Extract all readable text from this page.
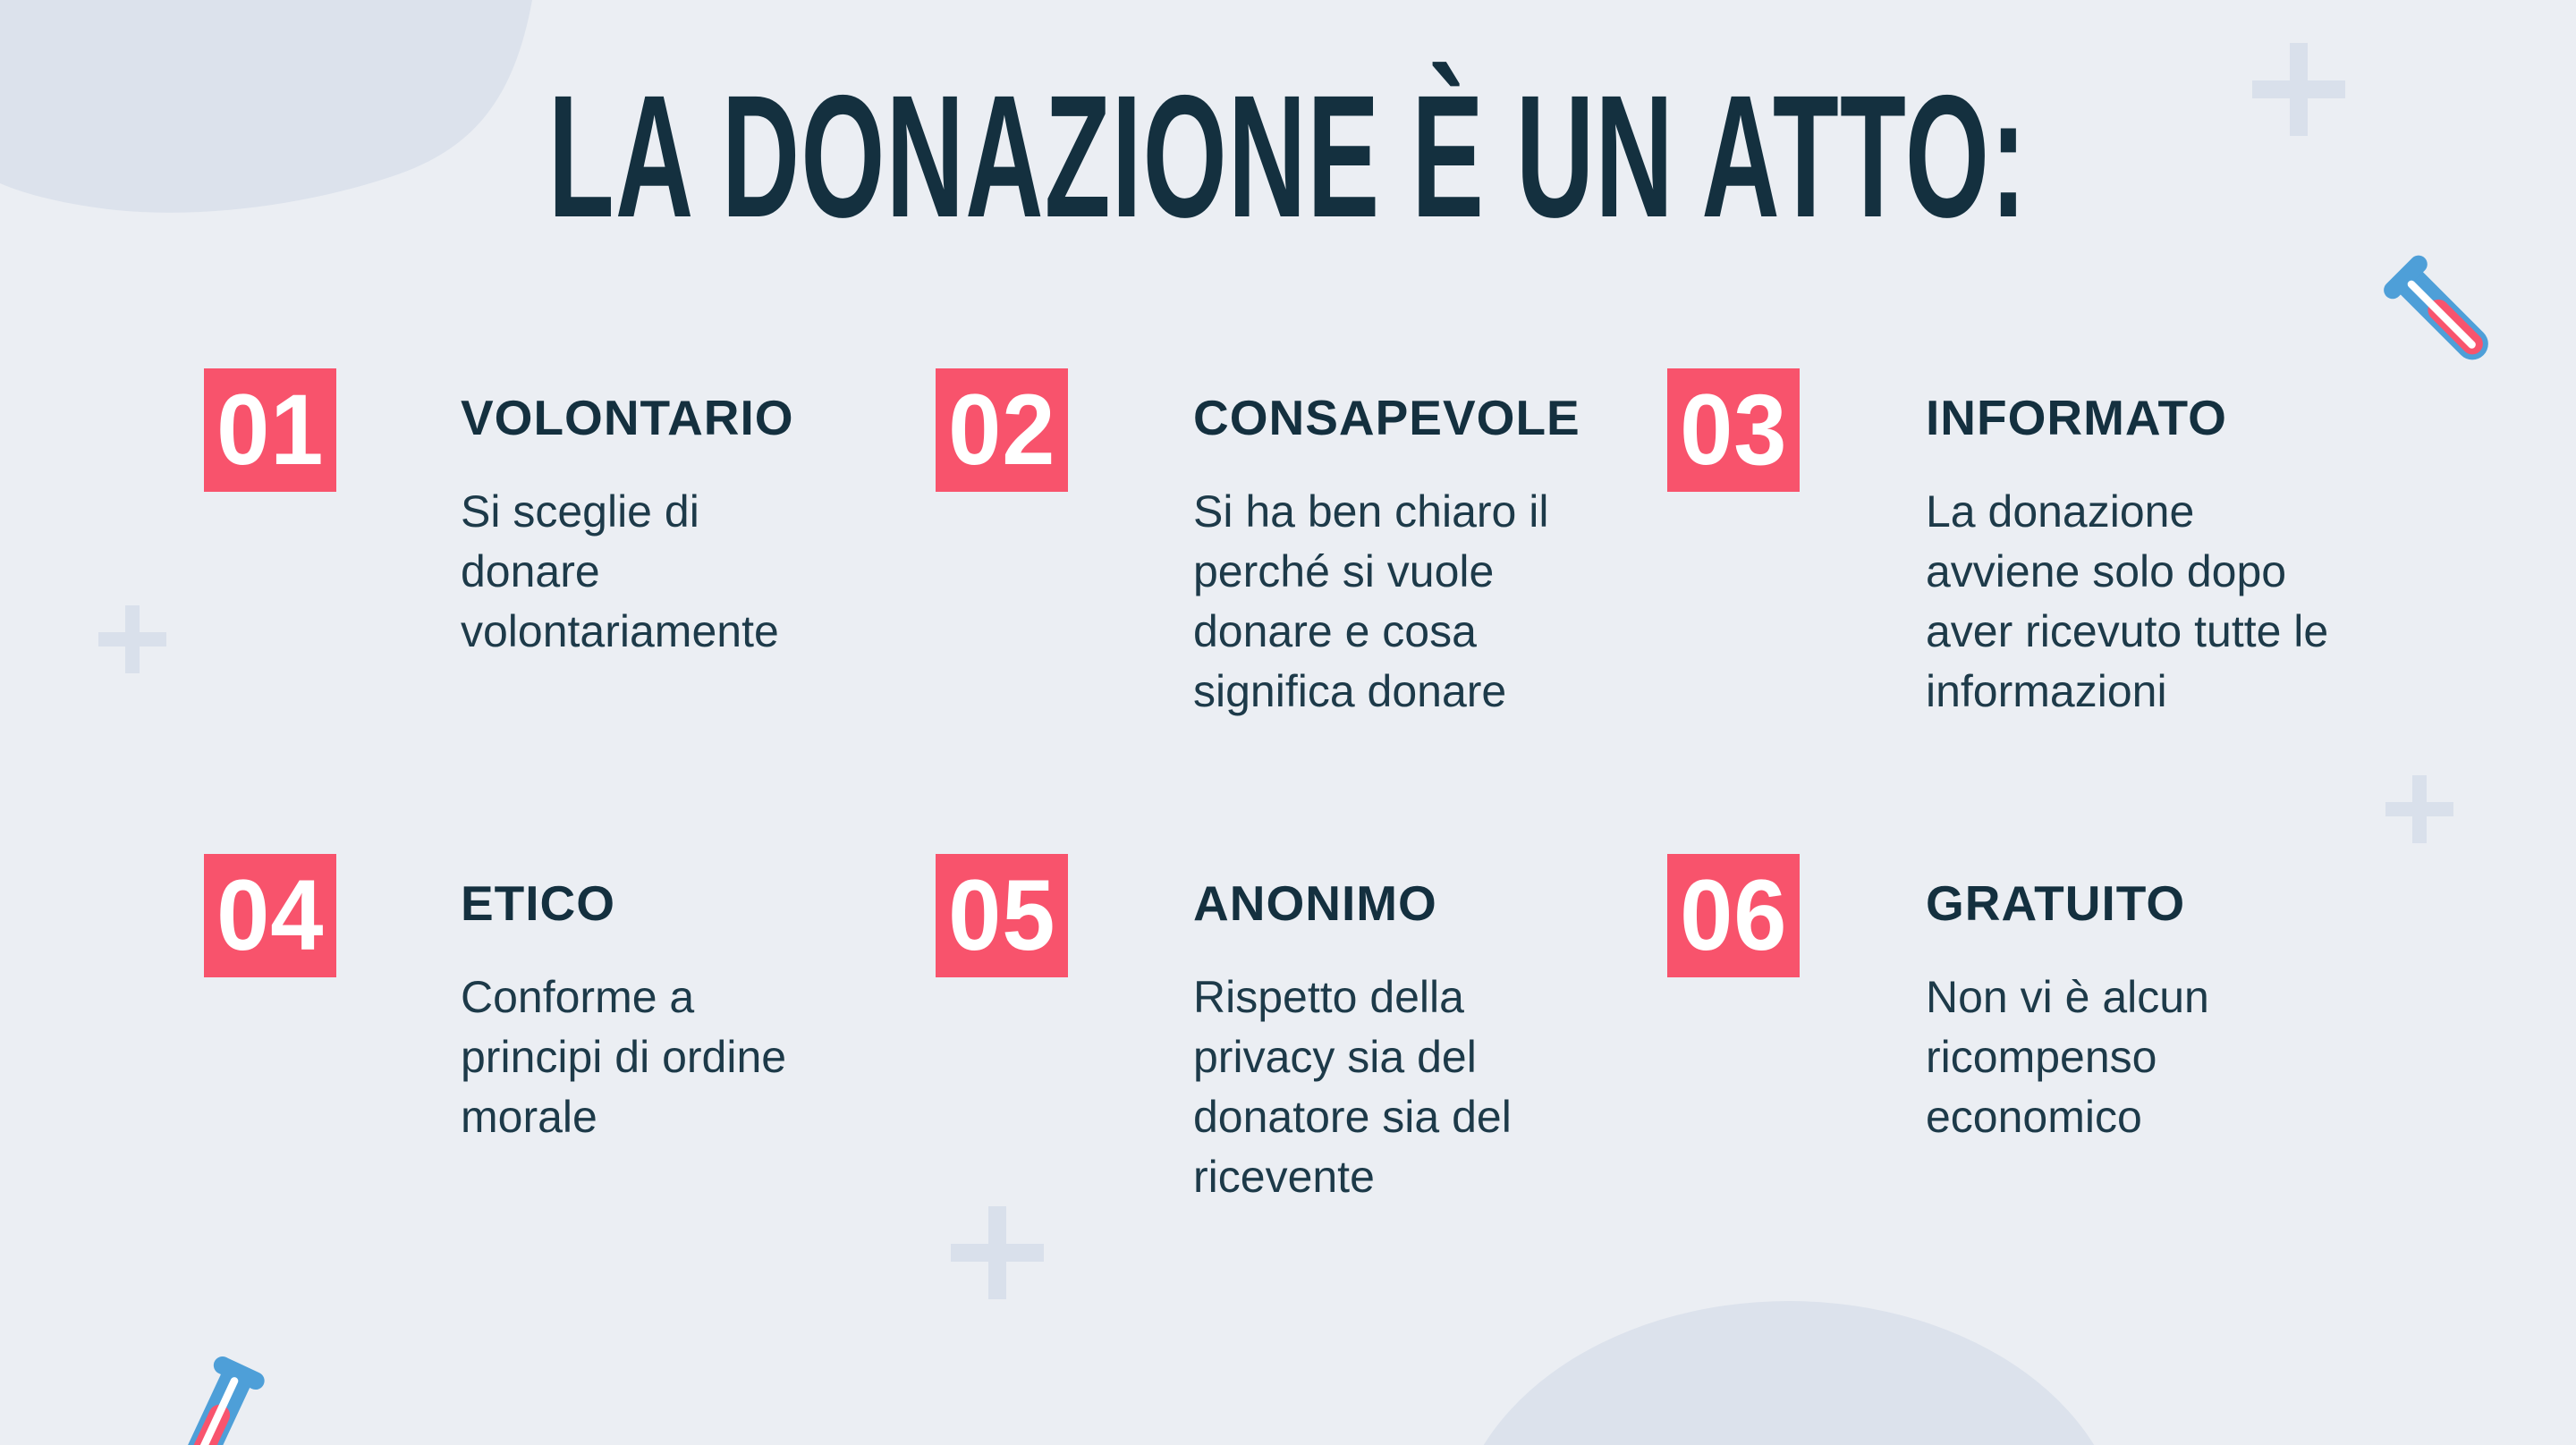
LA DONAZIONE È UN ATTO:
01	VOLONTARIO

Si sceglie di
donare
volontariamente

02	CONSAPEVOLE

Si ha ben chiaro il
perché si vuole
donare e cosa
significa donare

03	INFORMATO

La donazione
avviene solo dopo
aver ricevuto tutte le
informazioni

04	ETICO

Conforme a
principi di ordine
morale

05	ANONIMO

Rispetto della
privacy sia del
donatore sia del
ricevente

06	GRATUITO

Non vi è alcun
ricompenso
economico
